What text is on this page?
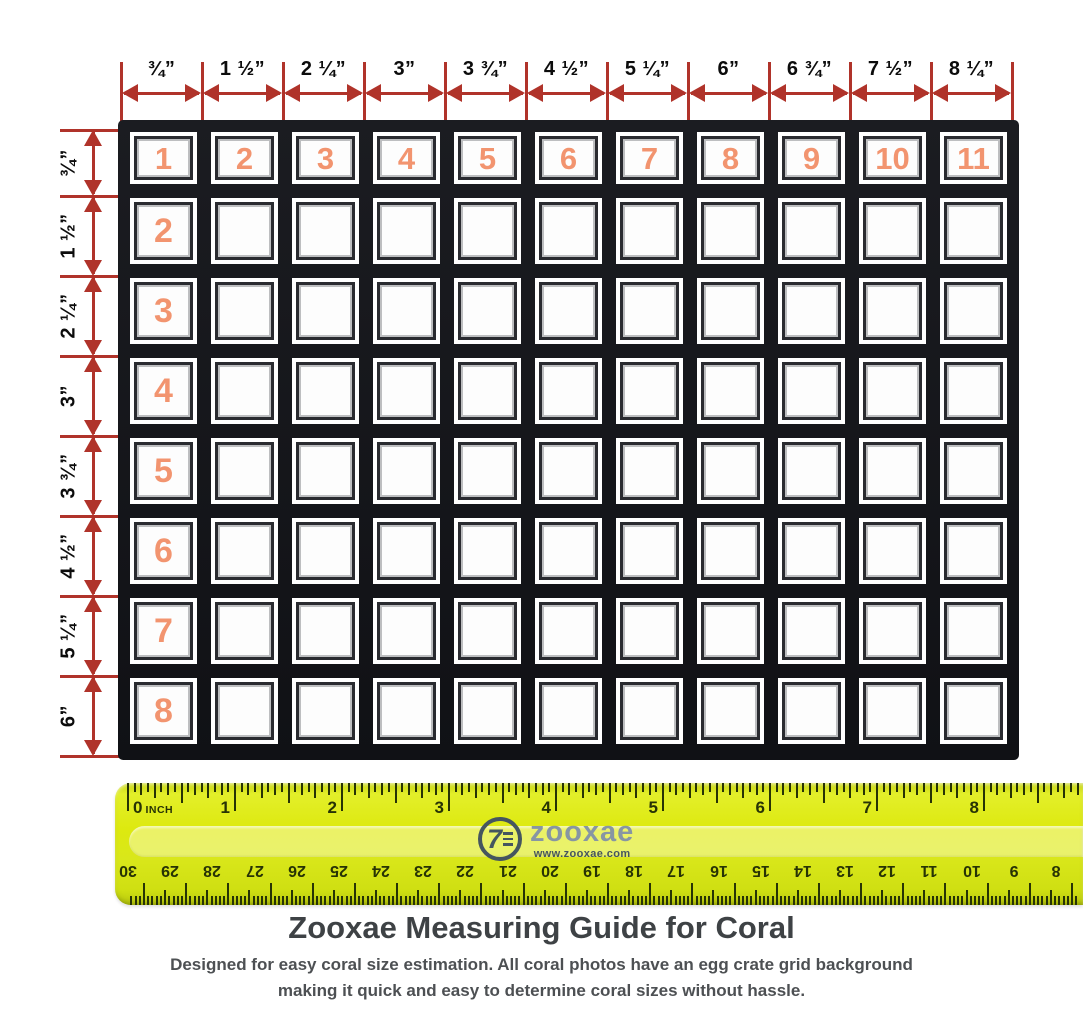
¾”	1 ½”	2 ¼”	3”	3 ¾”	4 ½”	5 ¼”	6”	6 ¾”	7 ½”	8 ¼”
¾”
1 ½”
2 ¼”
3”
3 ¾”
4 ½”
5 ¼”
6”
1 2 3 4 5 6 7 8 9 10 11
2
3
4
5
6
7
8
0 INCH	1	2	3	4	5	6	7	8
30 29 28 27 26 25 24 23 22 21 20 19 18 17 16 15 14 13 12 11 10	9	8
7 zooxae
www.zooxae.com
Zooxae Measuring Guide for Coral
Designed for easy coral size estimation. All coral photos have an egg crate grid background
making it quick and easy to determine coral sizes without hassle.
